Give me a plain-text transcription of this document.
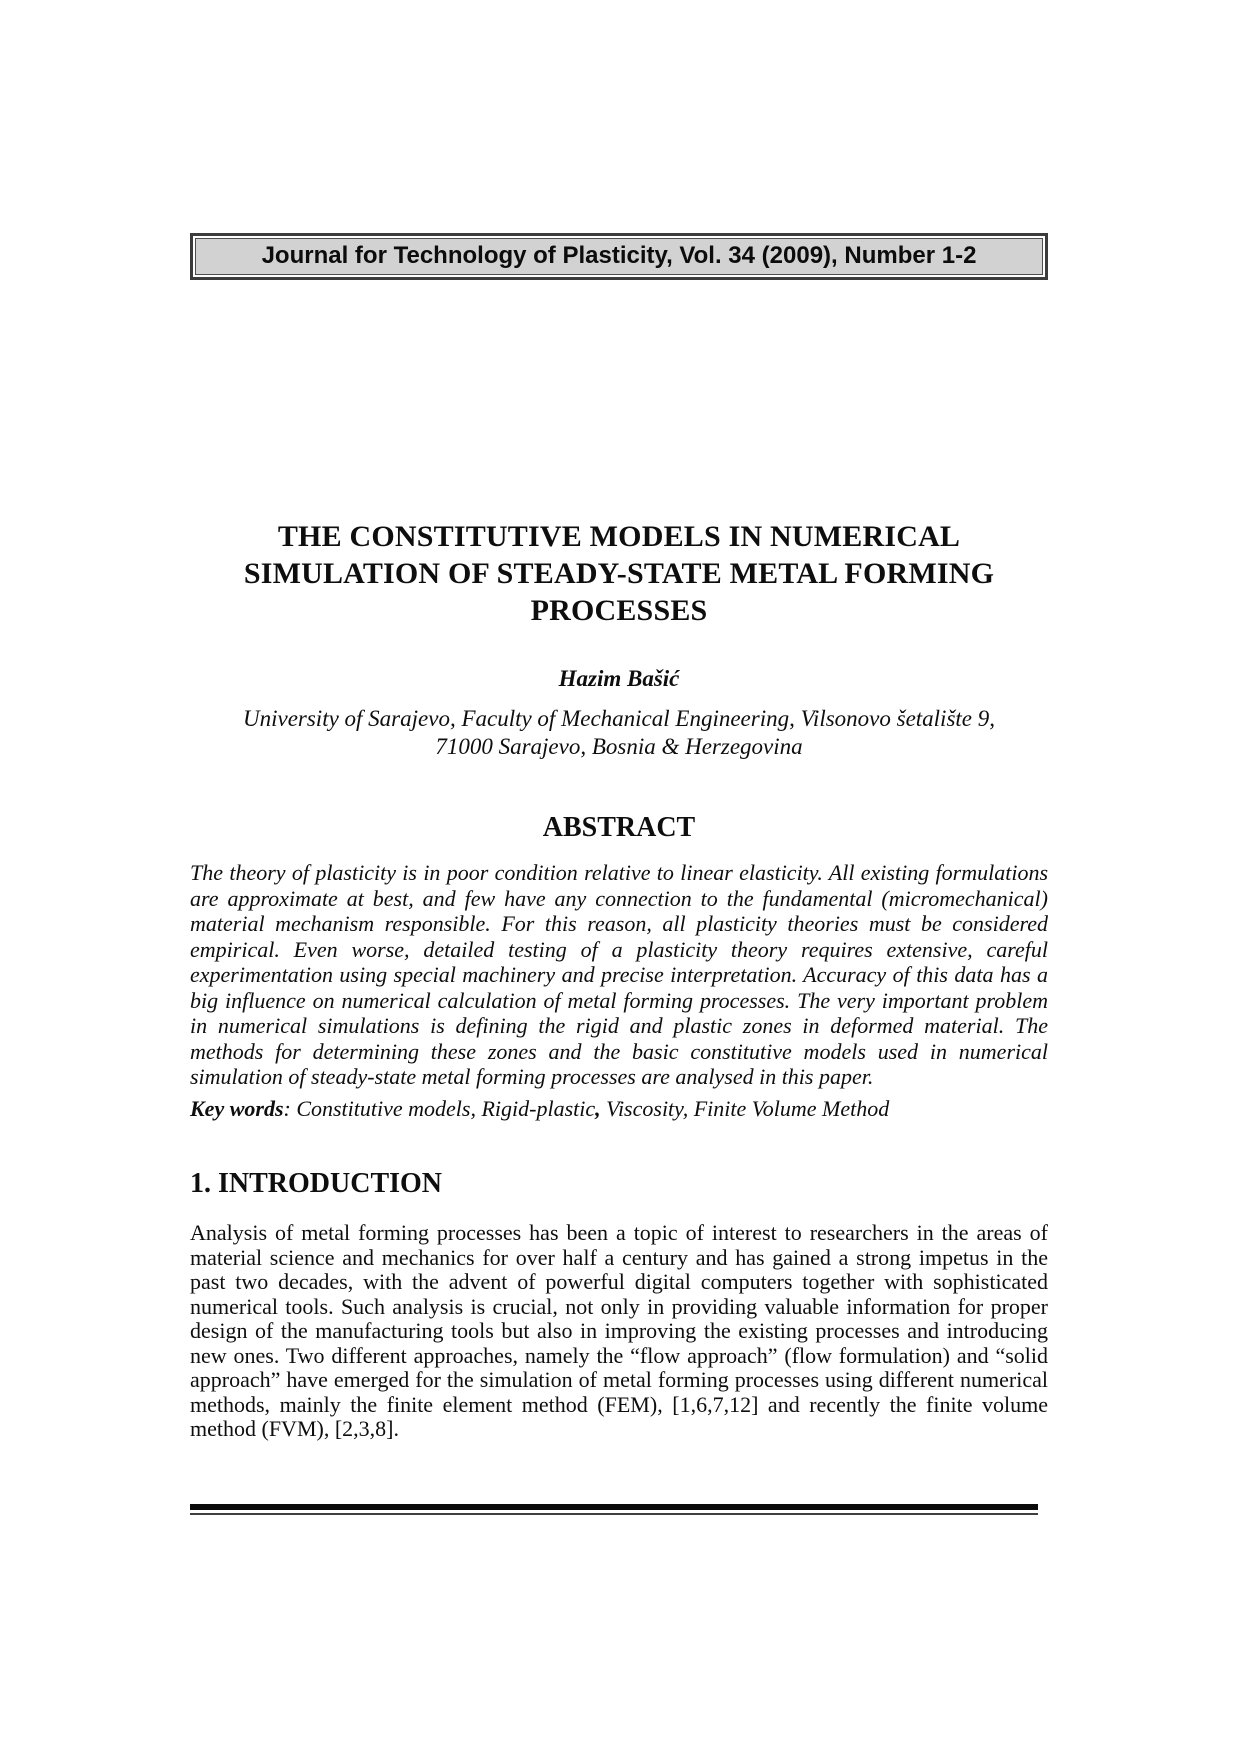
Journal for Technology of Plasticity, Vol. 34 (2009), Number 1-2
THE CONSTITUTIVE MODELS IN NUMERICAL SIMULATION OF STEADY-STATE METAL FORMING PROCESSES
Hazim Bašić
University of Sarajevo, Faculty of Mechanical Engineering, Vilsonovo šetalište 9,
71000 Sarajevo, Bosnia & Herzegovina
ABSTRACT

The theory of plasticity is in poor condition relative to linear elasticity. All existing formulations are approximate at best, and few have any connection to the fundamental (micromechanical) material mechanism responsible. For this reason, all plasticity theories must be considered empirical. Even worse, detailed testing of a plasticity theory requires extensive, careful experimentation using special machinery and precise interpretation. Accuracy of this data has a big influence on numerical calculation of metal forming processes. The very important problem in numerical simulations is defining the rigid and plastic zones in deformed material. The methods for determining these zones and the basic constitutive models used in numerical simulation of steady-state metal forming processes are analysed in this paper.

Key words: Constitutive models, Rigid-plastic, Viscosity, Finite Volume Method

1. INTRODUCTION

Analysis of metal forming processes has been a topic of interest to researchers in the areas of material science and mechanics for over half a century and has gained a strong impetus in the past two decades, with the advent of powerful digital computers together with sophisticated numerical tools. Such analysis is crucial, not only in providing valuable information for proper design of the manufacturing tools but also in improving the existing processes and introducing new ones. Two different approaches, namely the “flow approach” (flow formulation) and “solid approach” have emerged for the simulation of metal forming processes using different numerical methods, mainly the finite element method (FEM), [1,6,7,12] and recently the finite volume method (FVM), [2,3,8].
